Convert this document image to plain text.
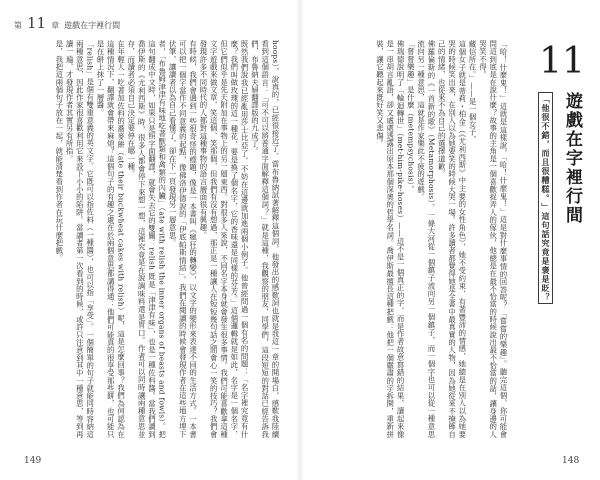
第 11 章 遊戲在字裡行間

hoops），說真的，已經很接近了。當布魯納試著解釋這個詞，他發出的感歎詞也就是我這一章的開場白，感歎我陸續看到這個語言：「可不可以將普通字面解釋這個詞？」就是這種，我觀察的朋友，同學們，這段短短的對話已經告訴我們，布魯納夫婦翻譯版的九成了。

既然我們說我已經亂用莎士比亞了，不妨在這邊就加進兩個小例子。他曾經問過一個有名的問題：「名字裡究竟有什麼？我們叫做玫瑰的這一種花，要是換了個名字，它的香味還是同樣的芬芳。」這個邏輯就是如此，名字是一個名字，但它們似乎是先天附加在事物上的另一層東西。對很多人來說，不同名字本身就會發生很多事情。我們可能喜歡拿這種文字遊戲來做文章，笑這個、笑那個，但我們有沒有想過，那正是一種讓人在短短幾句話之間會心一笑的技巧？我們會發現許多不同時代的人都對這種事物的語言層面很有興趣。

有時候，我們會遇到一些很奇怪的標題，像是一本書叫《瘋狂的轉變》，以文字的變形來表達不同的生活方式。一本書可以把一個字當作不同意義的起點，像佛洛伊德說的「伊底帕斯情結」。我們在閱讀的時候會發現作者在這些地方埋下伏筆，讓讀者以為自己看懂了，卻在下一頁發現另一層意思。

者，「布魯姆津津有味地吃著獸類和禽類的內臟」（ate with relish the inner organs of beasts and fowls）。把這句翻成中文時，如果只是照字面翻譯，就會失去它的雙關：relish 既是「津津有味」，也是一種佐料醬。當我們讀到喬伊斯的《尤利西斯》時，很多人都會停下來想一想，這裡究竟是在說調味料還是胃口。作者可以同時讓兩種意思並存，而讀者必須自己決定要停在哪一種。

在年輕人一吃著加佐料的蕎麥餅（ate their buckwheat cakes with relish）呢，這是怎麼回事？我們為何認為在這種情況下，翻譯就會帶來麻煩？這個句子的有趣之處在於兩個意思都講得通：他們可能真的很享受那些餅，也可能只是在餅上抹了一層醬。

「relish」是個有雙重意義的英文字。它既可以指佐料（一種醬），也可以指「享受」。一個簡單的句子就能同時容納這兩種意思，因此作家很喜歡利用它來設下小小的陷阱。當讀者第一次看到的時候，或許只注意到其中一種意思，等到再讀一遍，才發現作者其實另有所指。

是，我把這兩個句子放在一起，就能清楚看到作者在玩什麼把戲。

149
11
遊戲在字裡行間
「他很不錯，而且很糟糕。」這句話究竟是褒是貶？

「哈！什麼鬼！」這就是這樣說，「哈！什麼鬼！」這是對什麼事情的回答呢？「嘗嘗的樂趣」。聽完這個，你可能會問這到底是在說什麼？故事的主角是一個喜歡捉弄人的傢伙，他總是在最不恰當的時候說出最不恰當的話，讓身邊的人哭笑不得。

藏信所在。」——是一個女子，

這個女子就是蒂莉・柏金（《尤利西斯》中主要的女性角色），她不受約束，有著豐沛的情感，她總是在別人以為她要哭的時候笑出來，在別人以為她要笑的時候大哭一場。許多讀者都覺得她是全書中最真實的人物，因為她從來不掩飾自己的情緒，也從來不為自己的選擇道歉。

佛羅倫斯的《一首新的歌》（Metamorphosis）。一條大河從一個鎮子流向另一個鎮子，而一個字也可以從一種意思流向另一種意思，這就是作家樂此不疲的遊戲。

「嘗嘗樂趣」是什麼（metempsychosis）。

佛瑞德說明了「輪迴轉世」（met-him-pike-hoses）——這不是一個真正的字，而是作者故意寫錯的結果，讀起來像是一串胡言亂語，卻又處處透露出原本那個深奧的哲學名詞。喬伊斯最擅長這種把戲：他把一個嚴肅的字拆開，重新拼裝，讓它聽起來既好笑又悲傷。

148
